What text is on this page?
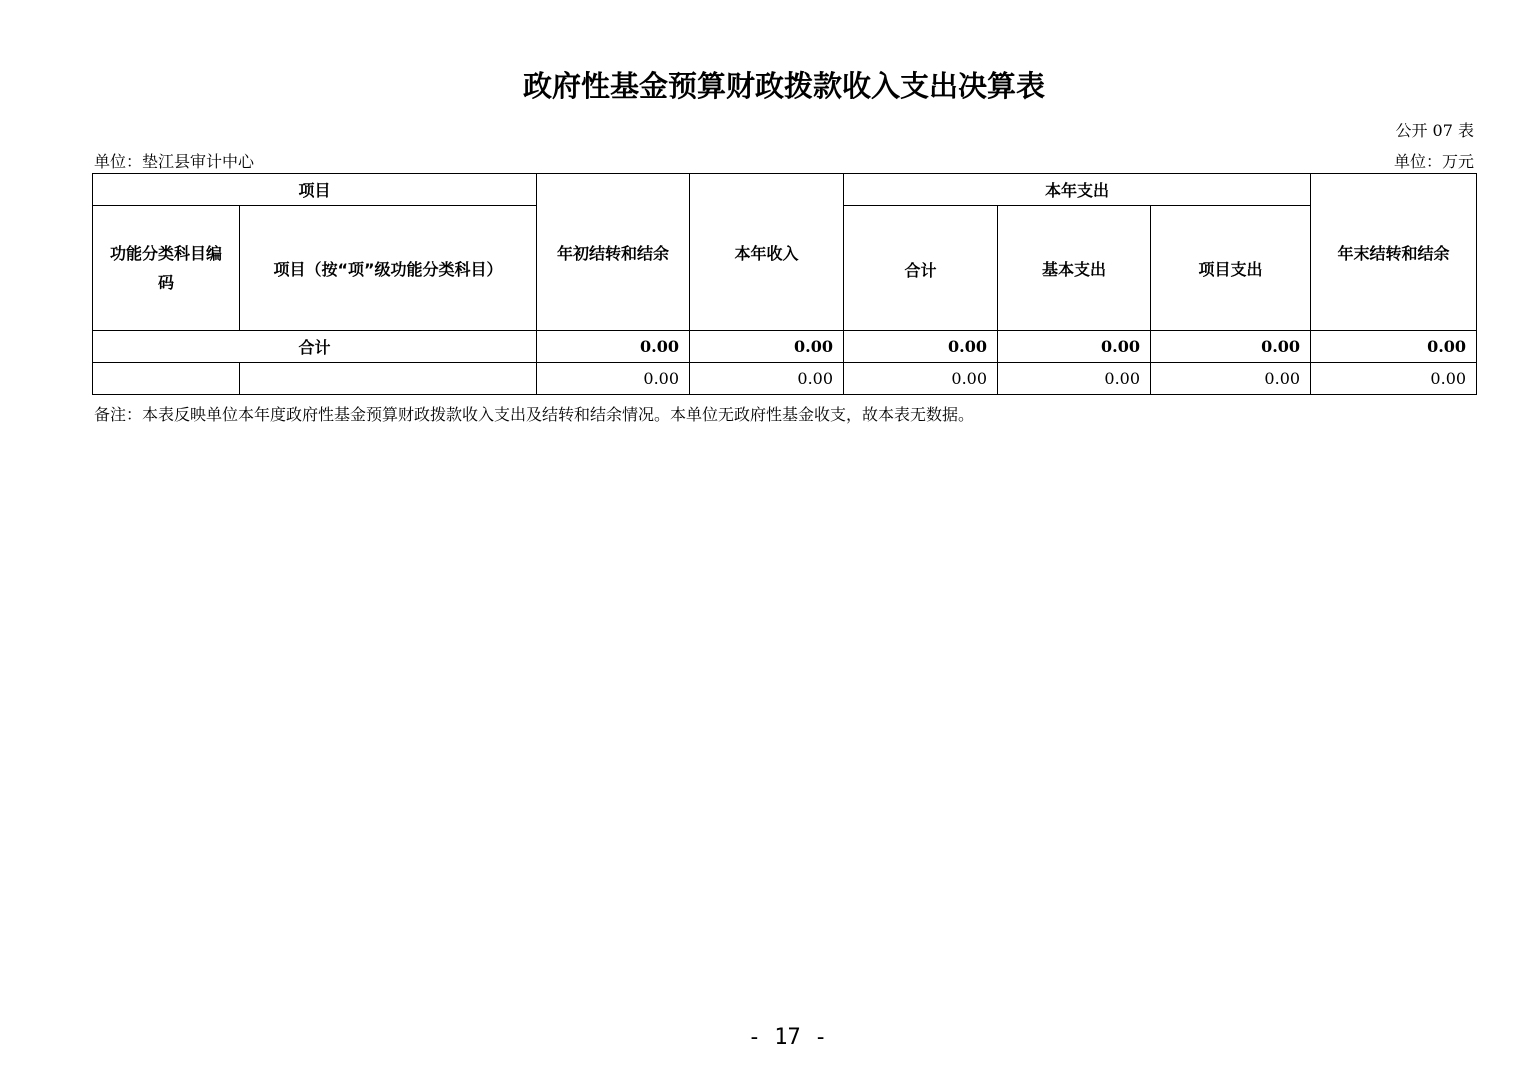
政府性基金预算财政拨款收入支出决算表
公开 07 表
单位：垫江县审计中心	单位：万元
项目		年初结转和结余	本年收入	本年支出			年末结转和结余
功能分类科目编码	项目（按“项”级功能分类科目）			合计	基本支出	项目支出	
合计		0.00	0.00	0.00	0.00	0.00	0.00
		0.00	0.00	0.00	0.00	0.00	0.00
备注：本表反映单位本年度政府性基金预算财政拨款收入支出及结转和结余情况。本单位无政府性基金收支，故本表无数据。
- 17 -
